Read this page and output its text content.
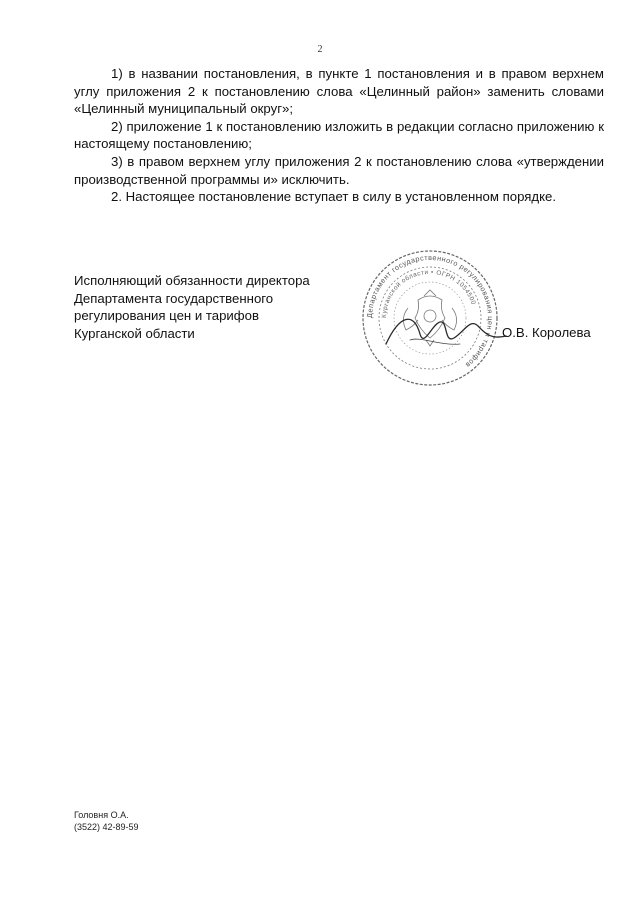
2

1) в названии постановления, в пункте 1 постановления и в правом верхнем углу приложения 2 к постановлению слова «Целинный район» заменить словами «Целинный муниципальный округ»;

2) приложение 1 к постановлению изложить в редакции согласно приложению к настоящему постановлению;

3) в правом верхнем углу приложения 2 к постановлению слова «утверждении производственной программы и» исключить.

2. Настоящее постановление вступает в силу в установленном порядке.

Исполняющий обязанности директора
Департамента государственного
регулирования цен и тарифов
Курганской области
Департамент государственного регулирования цен и тарифов
Курганской области • ОГРН 1054500
О.В. Королева
Головня О.А.
(3522) 42-89-59
